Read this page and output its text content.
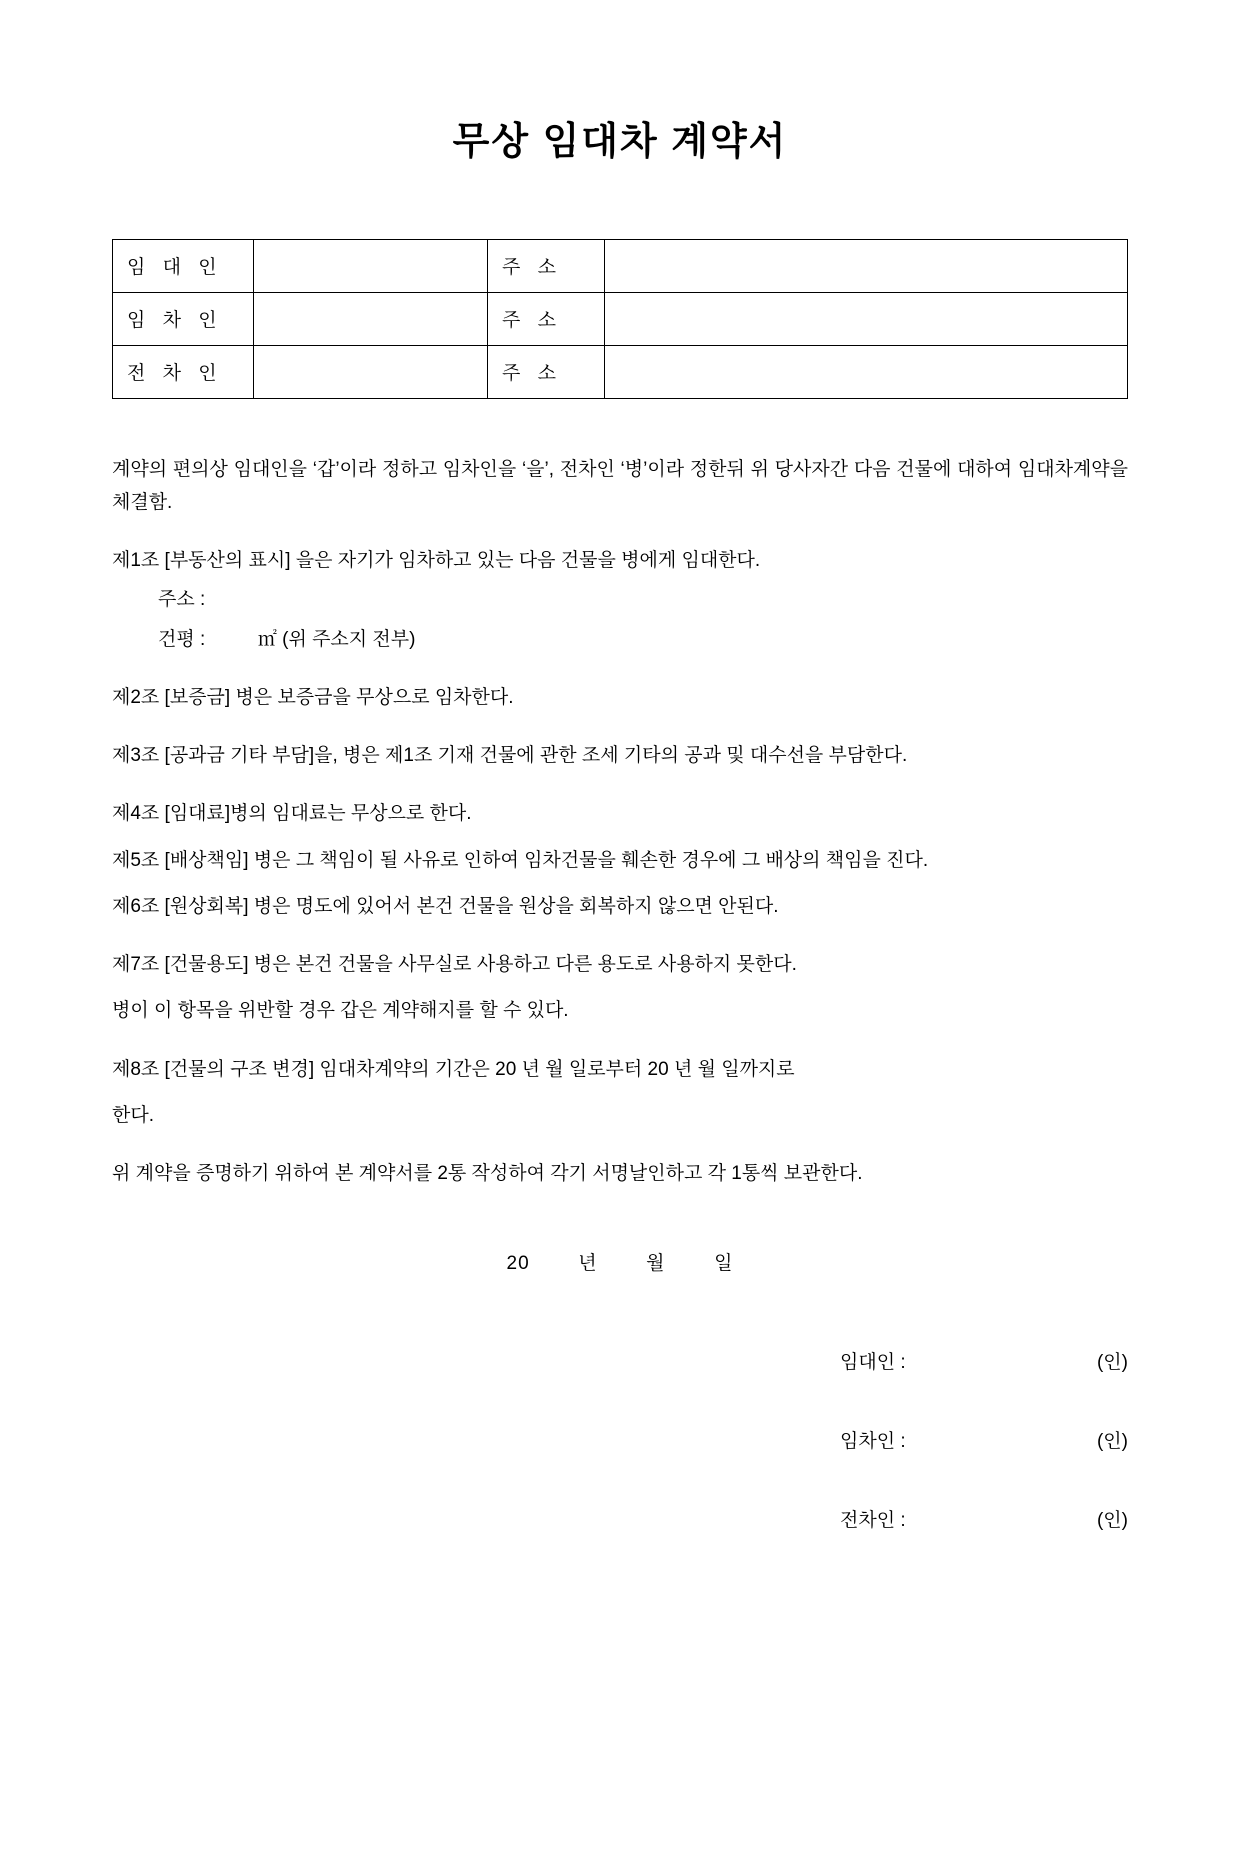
무상 임대차 계약서
임 대 인		주 소	
임 차 인		주 소	
전 차 인		주 소	

계약의 편의상 임대인을 ‘갑’이라 정하고 임차인을 ‘을’, 전차인 ‘병’이라 정한뒤 위 당사자간 다음 건물에 대하여 임대차계약을 체결함.

제1조 [부동산의 표시] 을은 자기가 임차하고 있는 다음 건물을 병에게 임대한다.

주소 :
건평 :	㎡ (위 주소지 전부)

제2조 [보증금] 병은 보증금을 무상으로 임차한다.

제3조 [공과금 기타 부담]을, 병은 제1조 기재 건물에 관한 조세 기타의 공과 및 대수선을 부담한다.

제4조 [임대료]병의 임대료는 무상으로 한다.

제5조 [배상책임] 병은 그 책임이 될 사유로 인하여 임차건물을 훼손한 경우에 그 배상의 책임을 진다.

제6조 [원상회복] 병은 명도에 있어서 본건 건물을 원상을 회복하지 않으면 안된다.

제7조 [건물용도] 병은 본건 건물을 사무실로 사용하고 다른 용도로 사용하지 못한다.

병이 이 항목을 위반할 경우 갑은 계약해지를 할 수 있다.

제8조 [건물의 구조 변경] 임대차계약의 기간은 20 년 월 일로부터 20 년 월 일까지로

한다.

위 계약을 증명하기 위하여 본 계약서를 2통 작성하여 각기 서명날인하고 각 1통씩 보관한다.

20	년	월	일
임대인 :	(인)
임차인 :	(인)
전차인 :	(인)
